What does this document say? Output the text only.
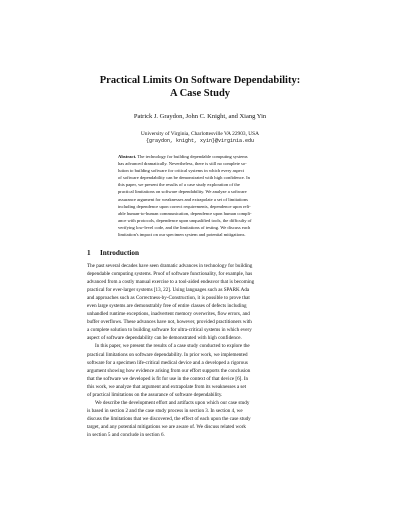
Practical Limits On Software Dependability:
A Case Study
Patrick J. Graydon, John C. Knight, and Xiang Yin
University of Virginia, Charlottesville VA 22903, USA
{graydon, knight, xyin}@virginia.edu
Abstract. The technology for building dependable computing systems
has advanced dramatically. Nevertheless, there is still no complete so-
lution to building software for critical systems in which every aspect
of software dependability can be demonstrated with high confidence. In
this paper, we present the results of a case study exploration of the
practical limitations on software dependability. We analyze a software
assurance argument for weaknesses and extrapolate a set of limitations
including dependence upon correct requirements, dependence upon reli-
able human-to-human communication, dependence upon human compli-
ance with protocols, dependence upon unqualified tools, the difficulty of
verifying low-level code, and the limitations of testing. We discuss each
limitation's impact on our specimen system and potential mitigations.
1 Introduction
The past several decades have seen dramatic advances in technology for building
dependable computing systems. Proof of software functionality, for example, has
advanced from a costly manual exercise to a tool-aided endeavor that is becoming
practical for ever-larger systems [13, 22]. Using languages such as SPARK Ada
and approaches such as Correctness-by-Construction, it is possible to prove that
even large systems are demonstrably free of entire classes of defects including
unhandled runtime exceptions, inadvertent memory overwrites, flow errors, and
buffer overflows. These advances have not, however, provided practitioners with
a complete solution to building software for ultra-critical systems in which every
aspect of software dependability can be demonstrated with high confidence.
In this paper, we present the results of a case study conducted to explore the
practical limitations on software dependability. In prior work, we implemented
software for a specimen life-critical medical device and a developed a rigorous
argument showing how evidence arising from our effort supports the conclusion
that the software we developed is fit for use in the context of that device [6]. In
this work, we analyze that argument and extrapolate from its weaknesses a set
of practical limitations on the assurance of software dependability.
We describe the development effort and artifacts upon which our case study
is based in section 2 and the case study process in section 3. In section 4, we
discuss the limitations that we discovered, the effect of each upon the case study
target, and any potential mitigations we are aware of. We discuss related work
in section 5 and conclude in section 6.
